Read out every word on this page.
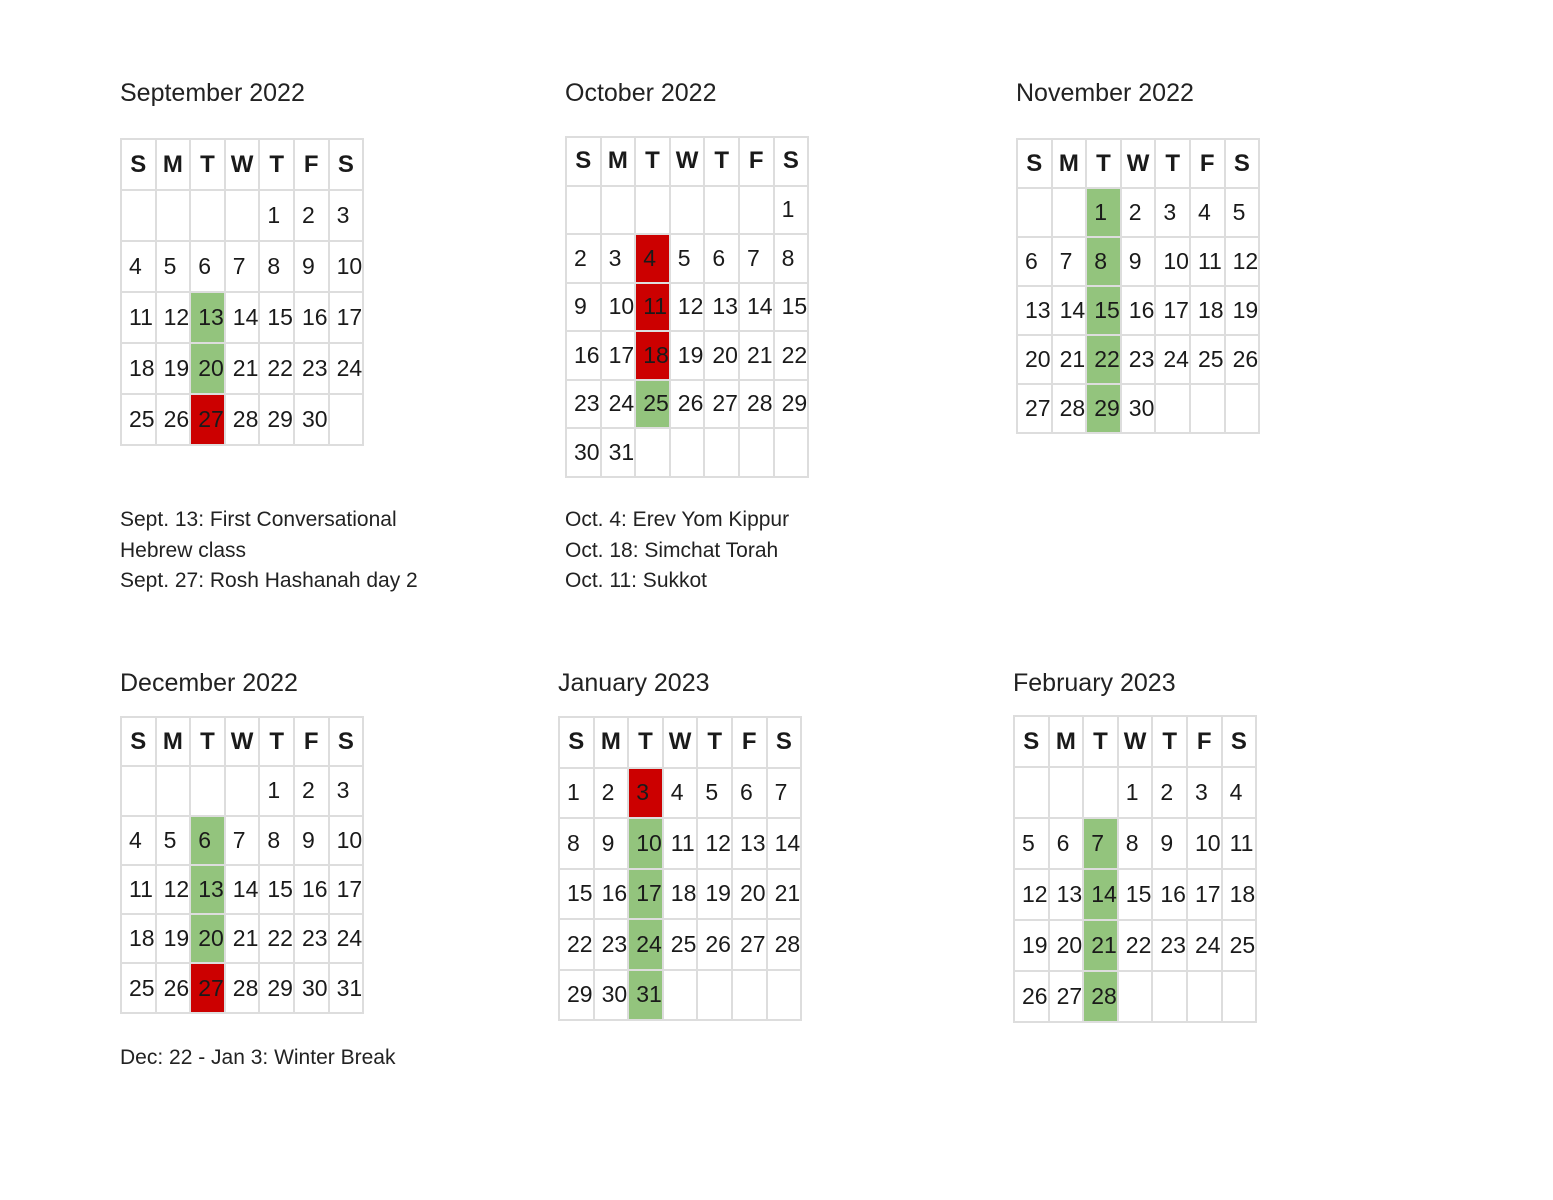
September 2022
S	M	T	W	T	F	S
				1	2	3
4	5	6	7	8	9	10
11	12	13	14	15	16	17
18	19	20	21	22	23	24
25	26	27	28	29	30	
Sept. 13: First Conversational
Hebrew class
Sept. 27: Rosh Hashanah day 2
October 2022
S	M	T	W	T	F	S
						1
2	3	4	5	6	7	8
9	10	11	12	13	14	15
16	17	18	19	20	21	22
23	24	25	26	27	28	29
30	31					
Oct. 4: Erev Yom Kippur
Oct. 18: Simchat Torah
Oct. 11: Sukkot
November 2022
S	M	T	W	T	F	S
		1	2	3	4	5
6	7	8	9	10	11	12
13	14	15	16	17	18	19
20	21	22	23	24	25	26
27	28	29	30			
December 2022
S	M	T	W	T	F	S
				1	2	3
4	5	6	7	8	9	10
11	12	13	14	15	16	17
18	19	20	21	22	23	24
25	26	27	28	29	30	31
Dec: 22 - Jan 3: Winter Break
January 2023
S	M	T	W	T	F	S
1	2	3	4	5	6	7
8	9	10	11	12	13	14
15	16	17	18	19	20	21
22	23	24	25	26	27	28
29	30	31				
February 2023
S	M	T	W	T	F	S
			1	2	3	4
5	6	7	8	9	10	11
12	13	14	15	16	17	18
19	20	21	22	23	24	25
26	27	28				
